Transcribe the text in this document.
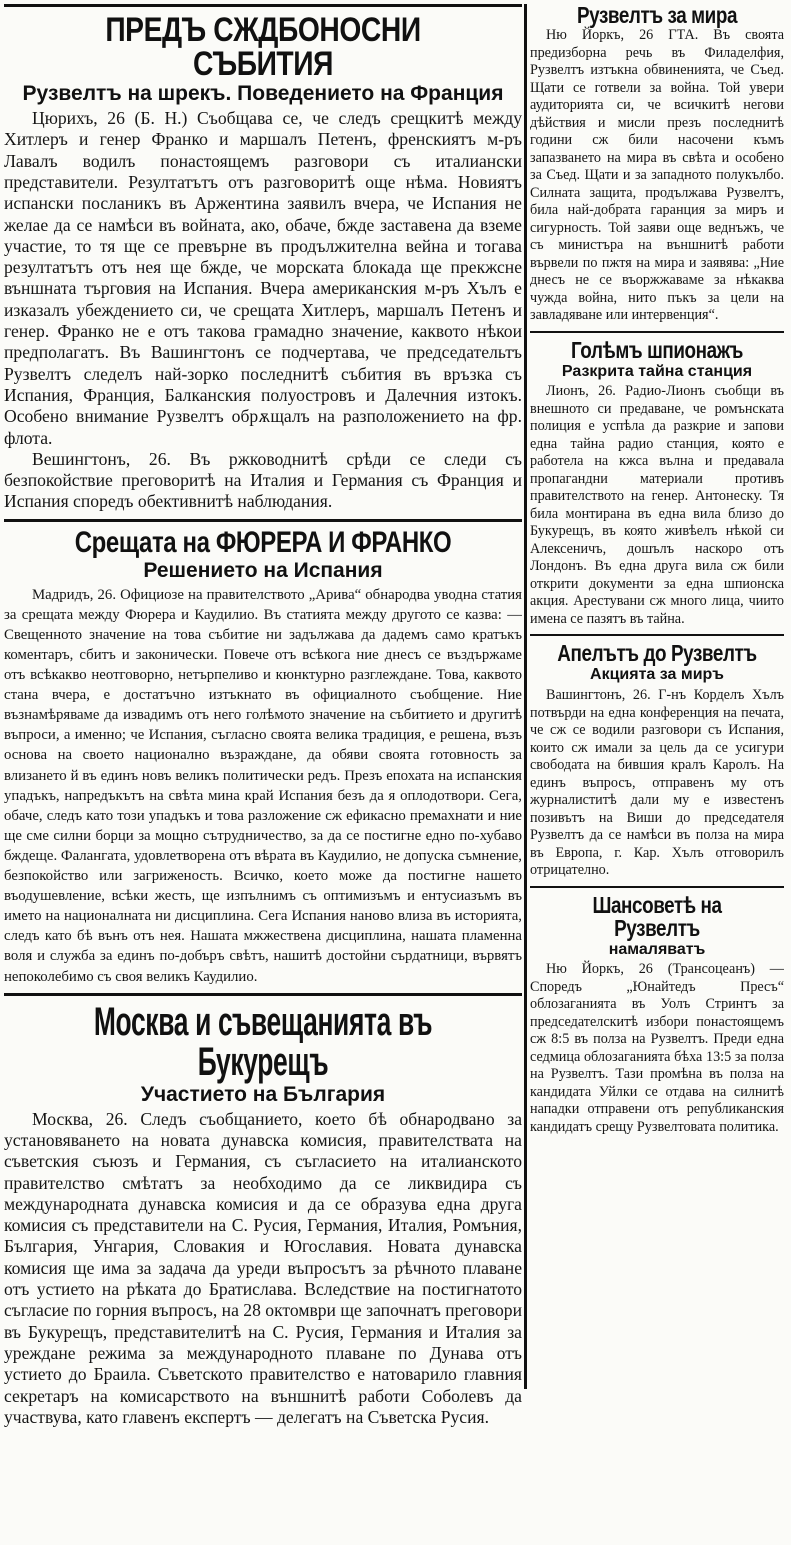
ПРЕДЪ СЖДБОНОСНИ СЪБИТИЯ
Рузвелтъ на шрекъ. Поведението на Франция

Цюрихъ, 26 (Б. Н.) Съобщава се, че следъ срещкитѣ между Хитлеръ и генер Франко и маршалъ Петенъ, френскиятъ м-ръ Лавалъ водилъ понастоящемъ разговори съ италиански представители. Резултатътъ отъ разговоритѣ още нѣма. Новиятъ испански посланикъ въ Аржентина заявилъ вчера, че Испания не желае да се намѣси въ войната, ако, обаче, бжде заставена да вземе участие, то тя ще се превърне въ продължителна вейна и тогава резултатътъ отъ нея ще бжде, че морската блокада ще прекжсне външната търговия на Испания. Вчера американския м-ръ Хълъ е изказалъ убеждението си, че срещата Хитлеръ, маршалъ Петенъ и генер. Франко не е отъ такова грамадно значение, каквото нѣкои предполагатъ. Въ Вашингтонъ се подчертава, че председательтъ Рузвелтъ следелъ най-зорко последнитѣ събития въ връзка съ Испания, Франция, Балканския полуостровъ и Далечния изтокъ. Особено внимание Рузвелтъ обрѫщалъ на разположението на фр. флота.

Вешингтонъ, 26. Въ ржководнитѣ срѣди се следи съ безпокойствие преговоритѣ на Италия и Германия съ Франция и Испания споредъ обективнитѣ наблюдания.

Срещата на ФЮРЕРА И ФРАНКО
Решението на Испания

Мадридъ, 26. Официозе на правителството „Арива“ обнародва уводна статия за срещата между Фюрера и Каудилио. Въ статията между другото се казва: — Свещенното значение на това събитие ни задължава да дадемъ само кратъкъ коментаръ, сбитъ и законически. Повече отъ всѣкога ние днесъ се въздържаме отъ всѣкакво неотговорно, нетърпеливо и кюнктурно разглеждане. Това, каквото стана вчера, е достатъчно изтъкнато въ официалното съобщение. Ние възнамѣряваме да извадимъ отъ него голѣмото значение на събитието и другитѣ въпроси, а именно; че Испания, съгласно своята велика традиция, е решена, възъ основа на своето национално възраждане, да обяви своята готовность за влизането й въ единъ новъ великъ политически редъ. Презъ епохата на испанския упадъкъ, напредъкътъ на свѣта мина край Испания безъ да я оплодотвори. Сега, обаче, следъ като този упадъкъ и това разложение сж ефикасно премахнати и ние ще сме силни борци за мощно сътрудничество, за да се постигне едно по-хубаво бждеще. Фалангата, удовлетворена отъ вѣрата въ Каудилио, не допуска съмнение, безпокойство или загриженость. Всичко, което може да постигне нашето въодушевление, всѣки жесть, ще изпълнимъ съ оптимизъмъ и ентусиазъмъ въ името на националната ни дисциплина. Сега Испания наново влиза въ историята, следъ като бѣ вънъ отъ нея. Нашата мжжествена дисциплина, нашата пламенна воля и служба за единъ по-добъръ свѣтъ, нашитѣ достойни сърдатници, вървятъ непоколебимо съ своя великъ Каудилио.

Москва и съвещанията въ Букурещъ
Участието на България

Москва, 26. Следъ съобщанието, което бѣ обнародвано за установяването на новата дунавска комисия, правителствата на съветския съюзъ и Германия, съ съгласието на италианското правителство смѣтатъ за необходимо да се ликвидира съ международната дунавска комисия и да се образува една друга комисия съ представители на С. Русия, Германия, Италия, Ромъния, България, Унгария, Словакия и Югославия. Новата дунавска комисия ще има за задача да уреди въпросътъ за рѣчното плаване отъ устието на рѣката до Братислава. Вследствие на постигнатото съгласие по горния въпросъ, на 28 октомври ще започнатъ преговори въ Букурещъ, представителитѣ на С. Русия, Германия и Италия за уреждане режима за международното плаване по Дунава отъ устието до Браила. Съветското правителство е натоварило главния секретаръ на комисарството на външнитѣ работи Соболевъ да участвува, като главенъ експертъ — делегатъ на Съветска Русия.

Рузвелтъ за мира

Ню Йоркъ, 26 ГТА. Въ своята предизборна речь въ Филаделфия, Рузвелтъ изтъкна обвиненията, че Съед. Щати се готвели за война. Той увери аудиторията си, че всичкитѣ негови дѣйствия и мисли презъ последнитѣ години сж били насочени къмъ запазването на мира въ свѣта и особено за Съед. Щати и за западното полукълбо. Силната защита, продължава Рузвелтъ, била най-добрата гаранция за миръ и сигурность. Той заяви още веднъжъ, че съ министъра на външнитѣ работи вървели по пжтя на мира и заявява: „Ние днесъ не се въоржжаваме за нѣкаква чужда война, нито пъкъ за цели на завладяване или интервенция“.

Голѣмъ шпионажъ
Разкрита тайна станция

Лионъ, 26. Радио-Лионъ съобщи въ внешното си предаване, че ромънската полиция е успѣла да разкрие и запови една тайна радио станция, която е работела на кжса вълна и предавала пропагандни материали противъ правителството на генер. Антонеску. Тя била монтирана въ една вила близо до Букурещъ, въ която живѣелъ нѣкой си Алексеничъ, дошълъ наскоро отъ Лондонъ. Въ една друга вила сж били открити документи за една шпионска акция. Арестувани сж много лица, чиито имена се пазятъ въ тайна.

Апелътъ до Рузвелтъ
Акцията за миръ

Вашингтонъ, 26. Г-нъ Корделъ Хълъ потвърди на една конференция на печата, че сж се водили разговори съ Испания, които сж имали за цель да се усигури свободата на бившия кралъ Каролъ. На единъ въпросъ, отправенъ му отъ журналиститѣ дали му е известенъ позивътъ на Виши до председателя Рузвелтъ да се намѣси въ полза на мира въ Европа, г. Кар. Хълъ отговорилъ отрицателно.

Шансоветѣ на Рузвелтъ
намаляватъ

Ню Йоркъ, 26 (Трансоцеанъ) — Споредъ „Юнайтедъ Пресъ“ облозаганията въ Уолъ Стринтъ за председателскитѣ избори понастоящемъ сж 8:5 въ полза на Рузвелтъ. Преди една седмица облозаганията бѣха 13:5 за полза на Рузвелтъ. Тази промѣна въ полза на кандидата Уйлки се отдава на силнитѣ нападки отправени отъ републиканския кандидатъ срещу Рузвелтовата политика.
